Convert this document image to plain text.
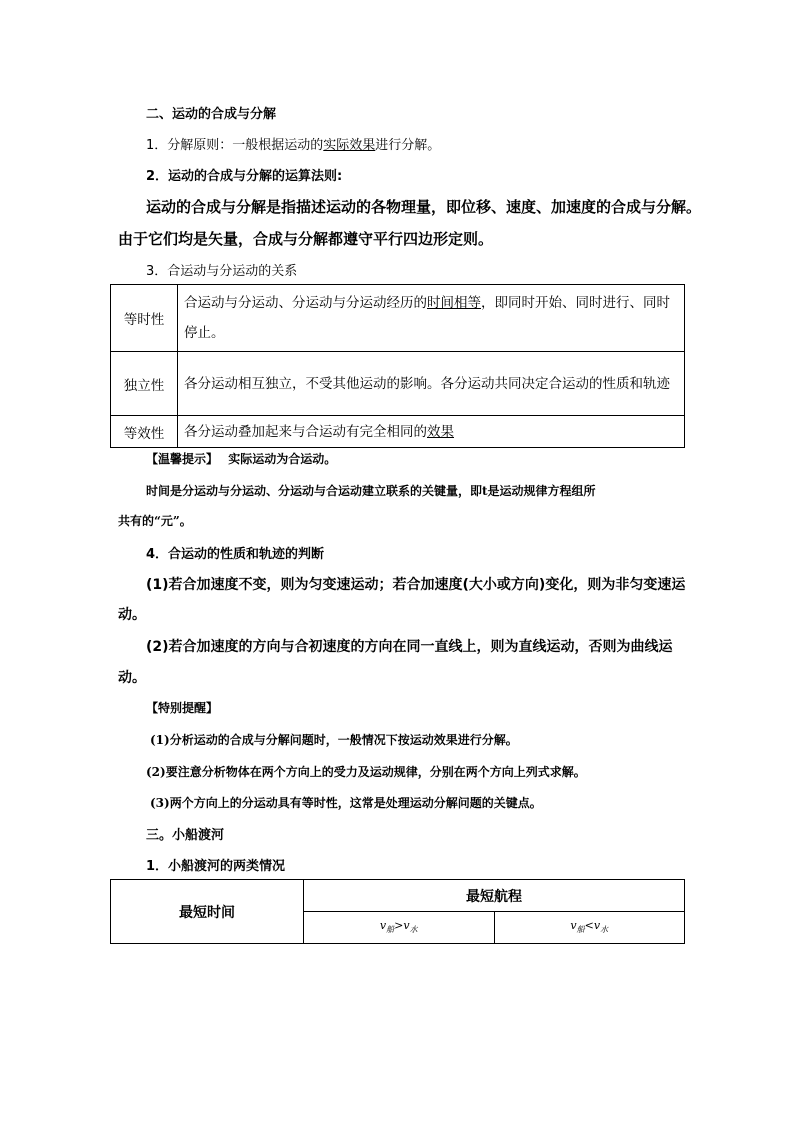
二、运动的合成与分解
1．分解原则：一般根据运动的实际效果进行分解。
2．运动的合成与分解的运算法则:
运动的合成与分解是指描述运动的各物理量，即位移、速度、加速度的合成与分解。
由于它们均是矢量，合成与分解都遵守平行四边形定则。
3．合运动与分运动的关系
等时性	合运动与分运动、分运动与分运动经历的时间相等，即同时开始、同时进行、同时停止。
独立性	各分运动相互独立，不受其他运动的影响。各分运动共同决定合运动的性质和轨迹
等效性	各分运动叠加起来与合运动有完全相同的效果
【温馨提示】 实际运动为合运动。
时间是分运动与分运动、分运动与合运动建立联系的关键量，即t是运动规律方程组所
共有的“元”。
4．合运动的性质和轨迹的判断
(1)若合加速度不变，则为匀变速运动；若合加速度(大小或方向)变化，则为非匀变速运
动。
(2)若合加速度的方向与合初速度的方向在同一直线上，则为直线运动，否则为曲线运
动。
【特别提醒】
(1)分析运动的合成与分解问题时，一般情况下按运动效果进行分解。
(2)要注意分析物体在两个方向上的受力及运动规律，分别在两个方向上列式求解。
(3)两个方向上的分运动具有等时性，这常是处理运动分解问题的关键点。
三。小船渡河
1．小船渡河的两类情况
最短时间	最短航程	
	$v_船>v_水$	$v_船<v_水$
